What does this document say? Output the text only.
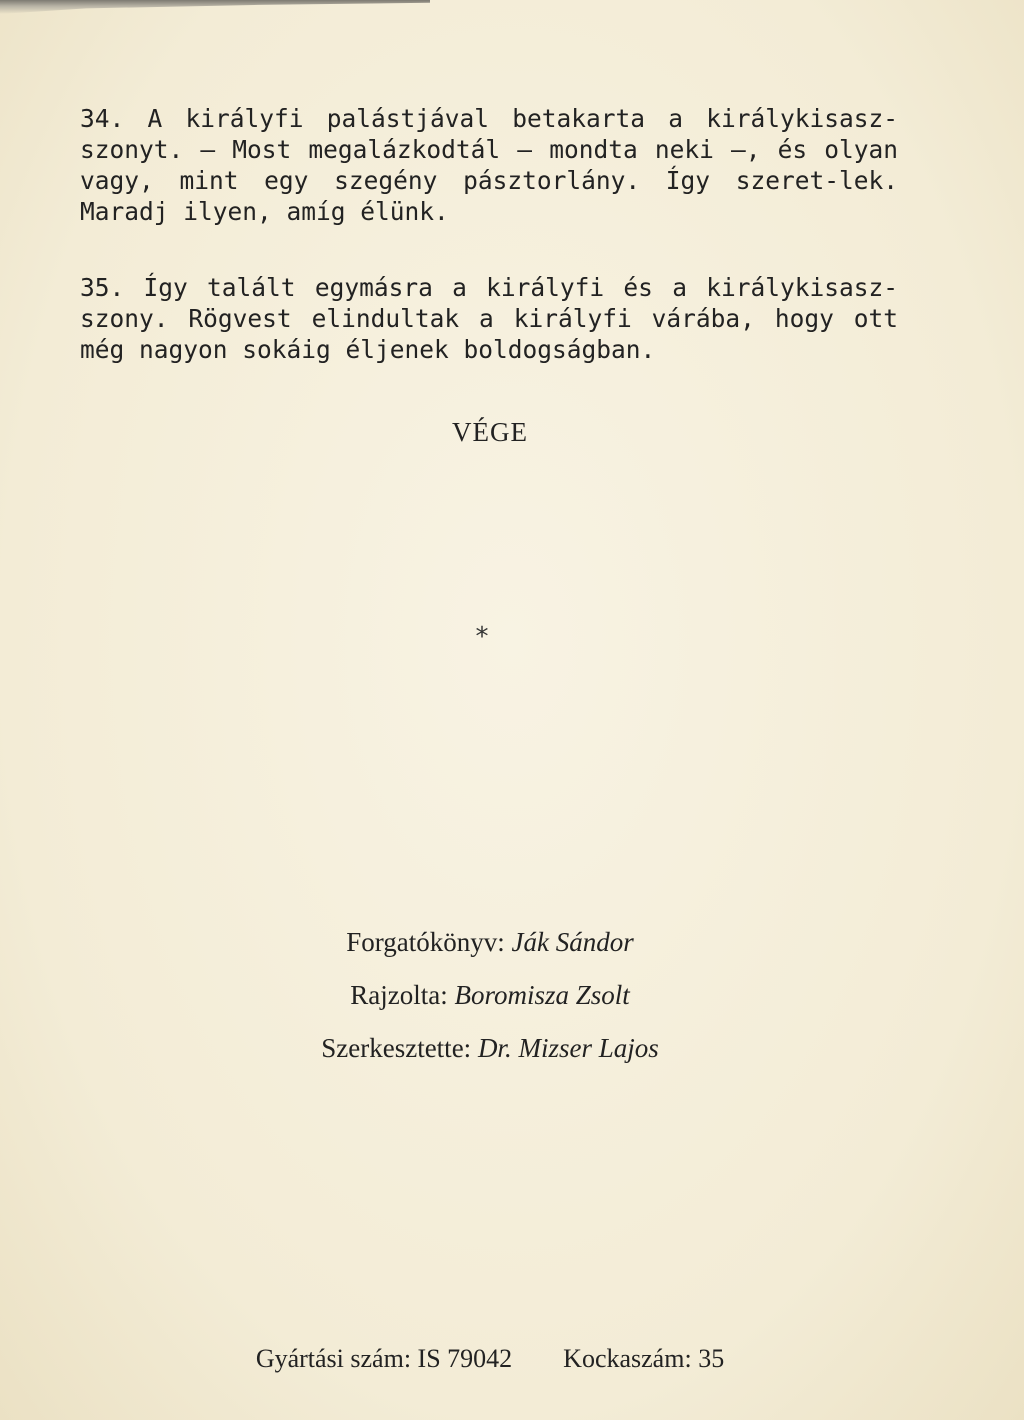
34. A királyfi palástjával betakarta a királykisasz-szonyt. — Most megalázkodtál — mondta neki —, és olyan vagy, mint egy szegény pásztorlány. Így szeret-lek. Maradj ilyen, amíg élünk.

35. Így talált egymásra a királyfi és a királykisasz-szony. Rögvest elindultak a királyfi várába, hogy ott még nagyon sokáig éljenek boldogságban.

VÉGE
*
Forgatókönyv: Ják Sándor
Rajzolta: Boromisza Zsolt
Szerkesztette: Dr. Mizser Lajos
Gyártási szám: IS 79042 Kockaszám: 35
